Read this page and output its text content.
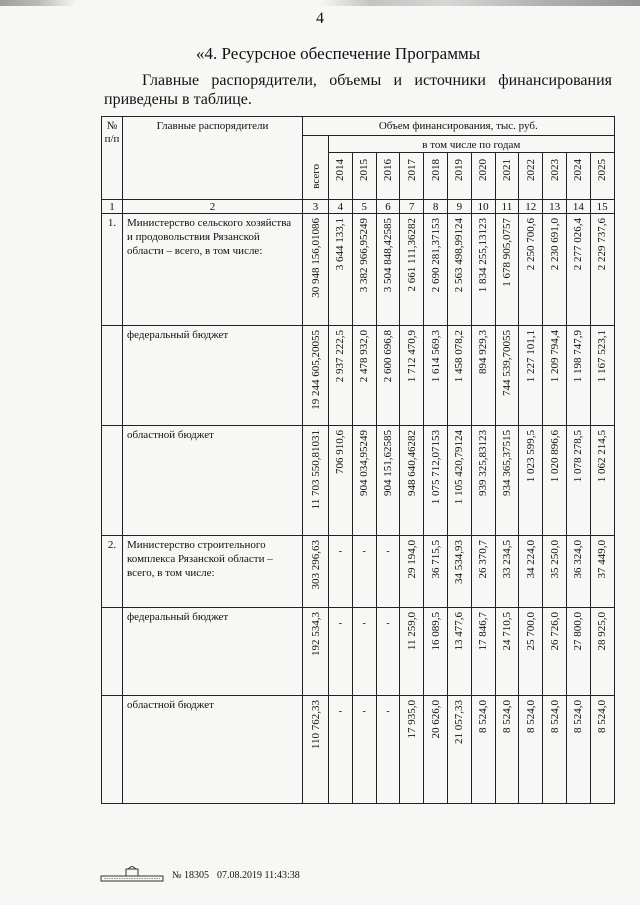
4
«4. Ресурсное обеспечение Программы
Главные распорядители, объемы и источники финансирования
приведены в таблице.
№ п/п	Главные распорядители	Объем финансирования, тыс. руб.												

		всего	в том числе по годам											

			2014	2015	2016	2017	2018	2019	2020	2021	2022	2023	2024	2025

1	2	3	4	5	6	7	8	9	10	11	12	13	14	15
1.	Министерство сельского хозяйства и продовольствия Рязанской области – всего, в том числе:	30 948 156,01086	3 644 133,1	3 382 966,95249	3 504 848,42585	2 661 111,36282	2 690 281,37153	2 563 498,99124	1 834 255,13123	1 678 905,0757	2 250 700,6	2 230 691,0	2 277 026,4	2 229 737,6

	федеральный бюджет	19 244 605,20055	2 937 222,5	2 478 932,0	2 600 696,8	1 712 470,9	1 614 569,3	1 458 078,2	894 929,3	744 539,70055	1 227 101,1	1 209 794,4	1 198 747,9	1 167 523,1

	областной бюджет	11 703 550,81031	706 910,6	904 034,95249	904 151,62585	948 640,46282	1 075 712,07153	1 105 420,79124	939 325,83123	934 365,37515	1 023 599,5	1 020 896,6	1 078 278,5	1 062 214,5

2.	Министерство строительного комплекса Рязанской области – всего, в том числе:	303 296,63	-	-	-	29 194,0	36 715,5	34 534,93	26 370,7	33 234,5	34 224,0	35 250,0	36 324,0	37 449,0

	федеральный бюджет	192 534,3	-	-	-	11 259,0	16 089,5	13 477,6	17 846,7	24 710,5	25 700,0	26 726,0	27 800,0	28 925,0

	областной бюджет	110 762,33	-	-	-	17 935,0	20 626,0	21 057,33	8 524,0	8 524,0	8 524,0	8 524,0	8 524,0	8 524,0
№ 18305 07.08.2019 11:43:38
